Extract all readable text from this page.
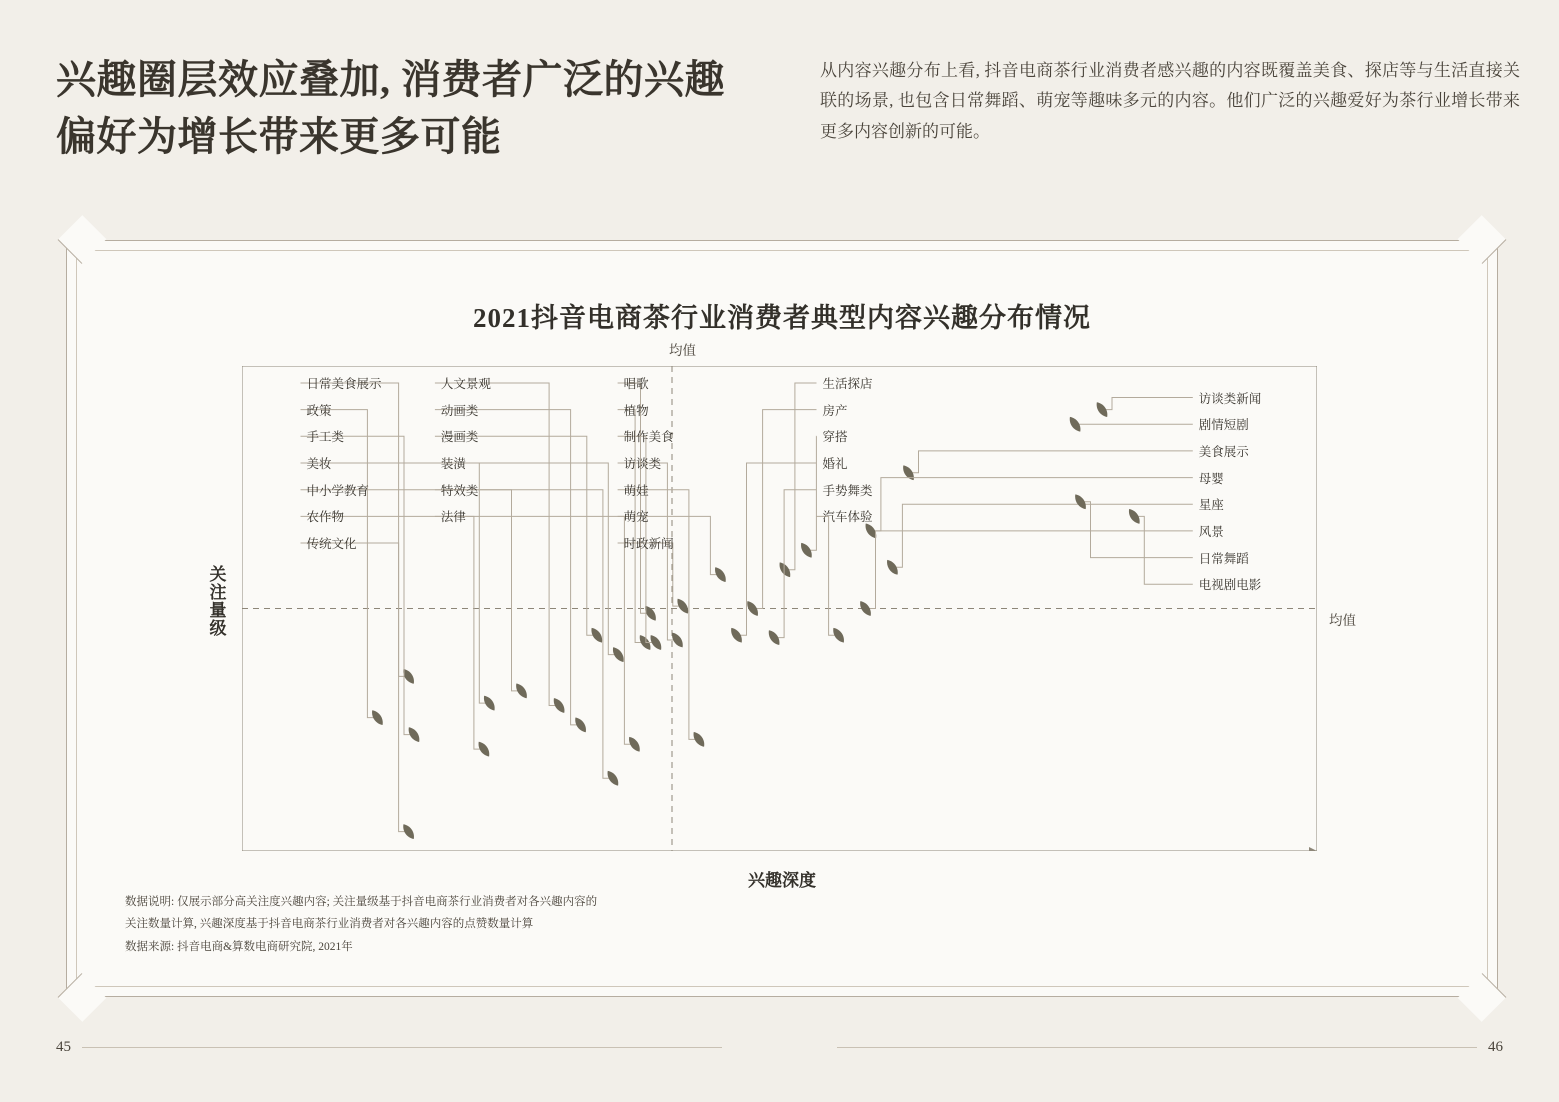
兴趣圈层效应叠加, 消费者广泛的兴趣偏好为增长带来更多可能
从内容兴趣分布上看, 抖音电商茶行业消费者感兴趣的内容既覆盖美食、探店等与生活直接关联的场景, 也包含日常舞蹈、萌宠等趣味多元的内容。他们广泛的兴趣爱好为茶行业增长带来更多内容创新的可能。
2021抖音电商茶行业消费者典型内容兴趣分布情况
关注量级
兴趣深度
均值
均值
日常美食展示
政策
手工类
美妆
中小学教育
农作物
传统文化
人文景观
动画类
漫画类
装潢
特效类
法律
唱歌
植物
制作美食
访谈类
萌娃
萌宠
时政新闻
生活探店
房产
穿搭
婚礼
手势舞类
汽车体验
访谈类新闻
剧情短剧
美食展示
母婴
星座
风景
日常舞蹈
电视剧电影
数据说明: 仅展示部分高关注度兴趣内容; 关注量级基于抖音电商茶行业消费者对各兴趣内容的
关注数量计算, 兴趣深度基于抖音电商茶行业消费者对各兴趣内容的点赞数量计算
数据来源: 抖音电商&算数电商研究院, 2021年
45	46
